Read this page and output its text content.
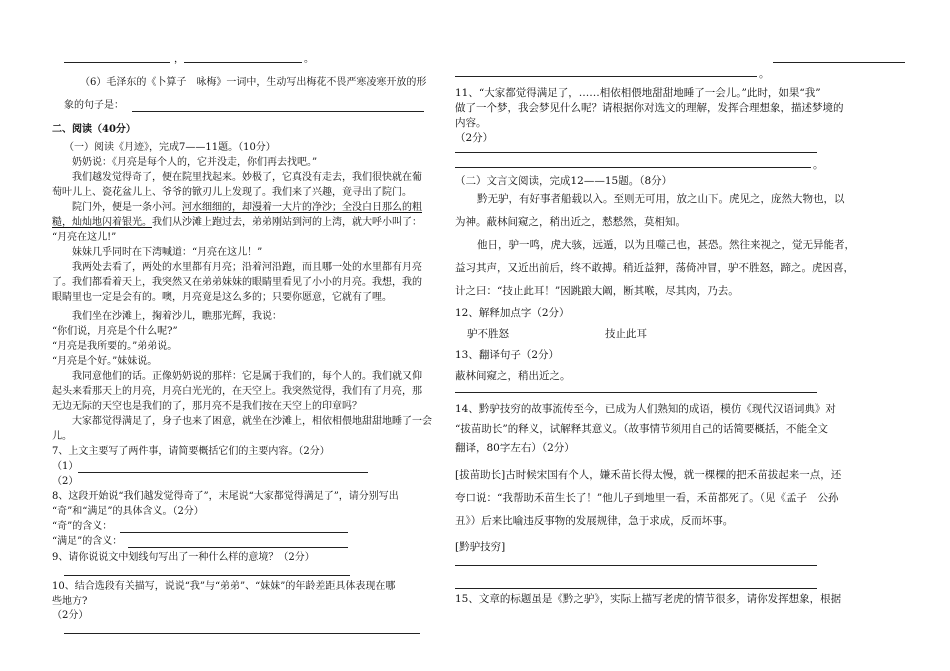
，	。
（6）毛泽东的《卜算子　咏梅》一词中，生动写出梅花不畏严寒凌寒开放的形
象的句子是：
二、阅读（40分）
（一）阅读《月迹》，完成7——11题。（10分）
奶奶说：《月亮是每个人的，它并没走，你们再去找吧。”
我们越发觉得奇了，便在院里找起来。妙极了，它真没有走去，我们很快就在葡
萄叶儿上、瓷花盆儿上、爷爷的锨刃儿上发现了。我们来了兴趣，竟寻出了院门。
院门外，便是一条小河。河水细细的，却漫着一大片的净沙；全没白日那么的粗
糙，灿灿地闪着银光。我们从沙滩上跑过去，弟弟刚站到河的上湾，就大呼小叫了：
“月亮在这儿!”
妹妹几乎同时在下湾喊道：“月亮在这儿！”
我两处去看了，两处的水里都有月亮；沿着河沿跑，而且哪一处的水里都有月亮
了。我们都看着天上，我突然又在弟弟妹妹的眼睛里看见了小小的月亮。我想，我的
眼睛里也一定是会有的。噢，月亮竟是这么多的；只要你愿意，它就有了哩。
我们坐在沙滩上，掬着沙儿，瞧那光辉，我说：
“你们说，月亮是个什么呢?”
“月亮是我所要的。”弟弟说。
“月亮是个好。”妹妹说。
我同意他们的话。正像奶奶说的那样：它是属于我们的，每个人的。我们就又仰
起头来看那天上的月亮，月亮白光光的，在天空上。我突然觉得，我们有了月亮，那
无边无际的天空也是我们的了，那月亮不是我们按在天空上的印章吗？
大家都觉得满足了，身子也来了困意，就坐在沙滩上，相依相偎地甜甜地睡了一会
儿。
7、上文主要写了两件事，请简要概括它们的主要内容。（2分）
（1）
（2）
8、这段开始说“我们越发觉得奇了”，末尾说“大家都觉得满足了”，请分别写出
“奇”和“满足”的具体含义。（2分）
“奇”的含义：
“满足”的含义：
9、请你说说文中划线句写出了一种什么样的意境？（2分）
10、结合选段有关描写，说说“我”与“弟弟”、“妹妹”的年龄差距具体表现在哪
些地方?
（2分）
。
11、“大家都觉得满足了，……相依相偎地甜甜地睡了一会儿。”此时，如果“我”
做了一个梦，我会梦见什么呢？请根据你对选文的理解，发挥合理想象，描述梦境的
内容。
（2分）
。
（二）文言文阅读，完成12——15题。（8分）
黔无驴，有好事者船载以入。至则无可用，放之山下。虎见之，庞然大物也，以
为神。蔽林间窥之，稍出近之，慭慭然，莫相知。
他日，驴一鸣，虎大骇，远遁，以为且噬己也，甚恐。然往来视之，觉无异能者，
益习其声，又近出前后，终不敢搏。稍近益狎，荡倚冲冒，驴不胜怒，蹄之。虎因喜，
计之曰：“技止此耳！”因跳踉大阚，断其喉，尽其肉，乃去。
12、解释加点字（2分）
驴不胜怒	技止此耳
13、翻译句子（2分）
蔽林间窥之，稍出近之。
14、黔驴技穷的故事流传至今，已成为人们熟知的成语，模仿《现代汉语词典》对
“拔苗助长”的释义，试解释其意义。（故事情节须用自己的话简要概括，不能全文
翻译，80字左右）（2分）
[拔苗助长]古时候宋国有个人，嫌禾苗长得太慢，就一棵棵的把禾苗拔起来一点，还
夸口说：“我帮助禾苗生长了！”他儿子到地里一看，禾苗都死了。（见《孟子　公孙
丑》）后来比喻违反事物的发展规律，急于求成，反而坏事。
[黔驴技穷]
15、文章的标题虽是《黔之驴》，实际上描写老虎的情节很多，请你发挥想象，根据
